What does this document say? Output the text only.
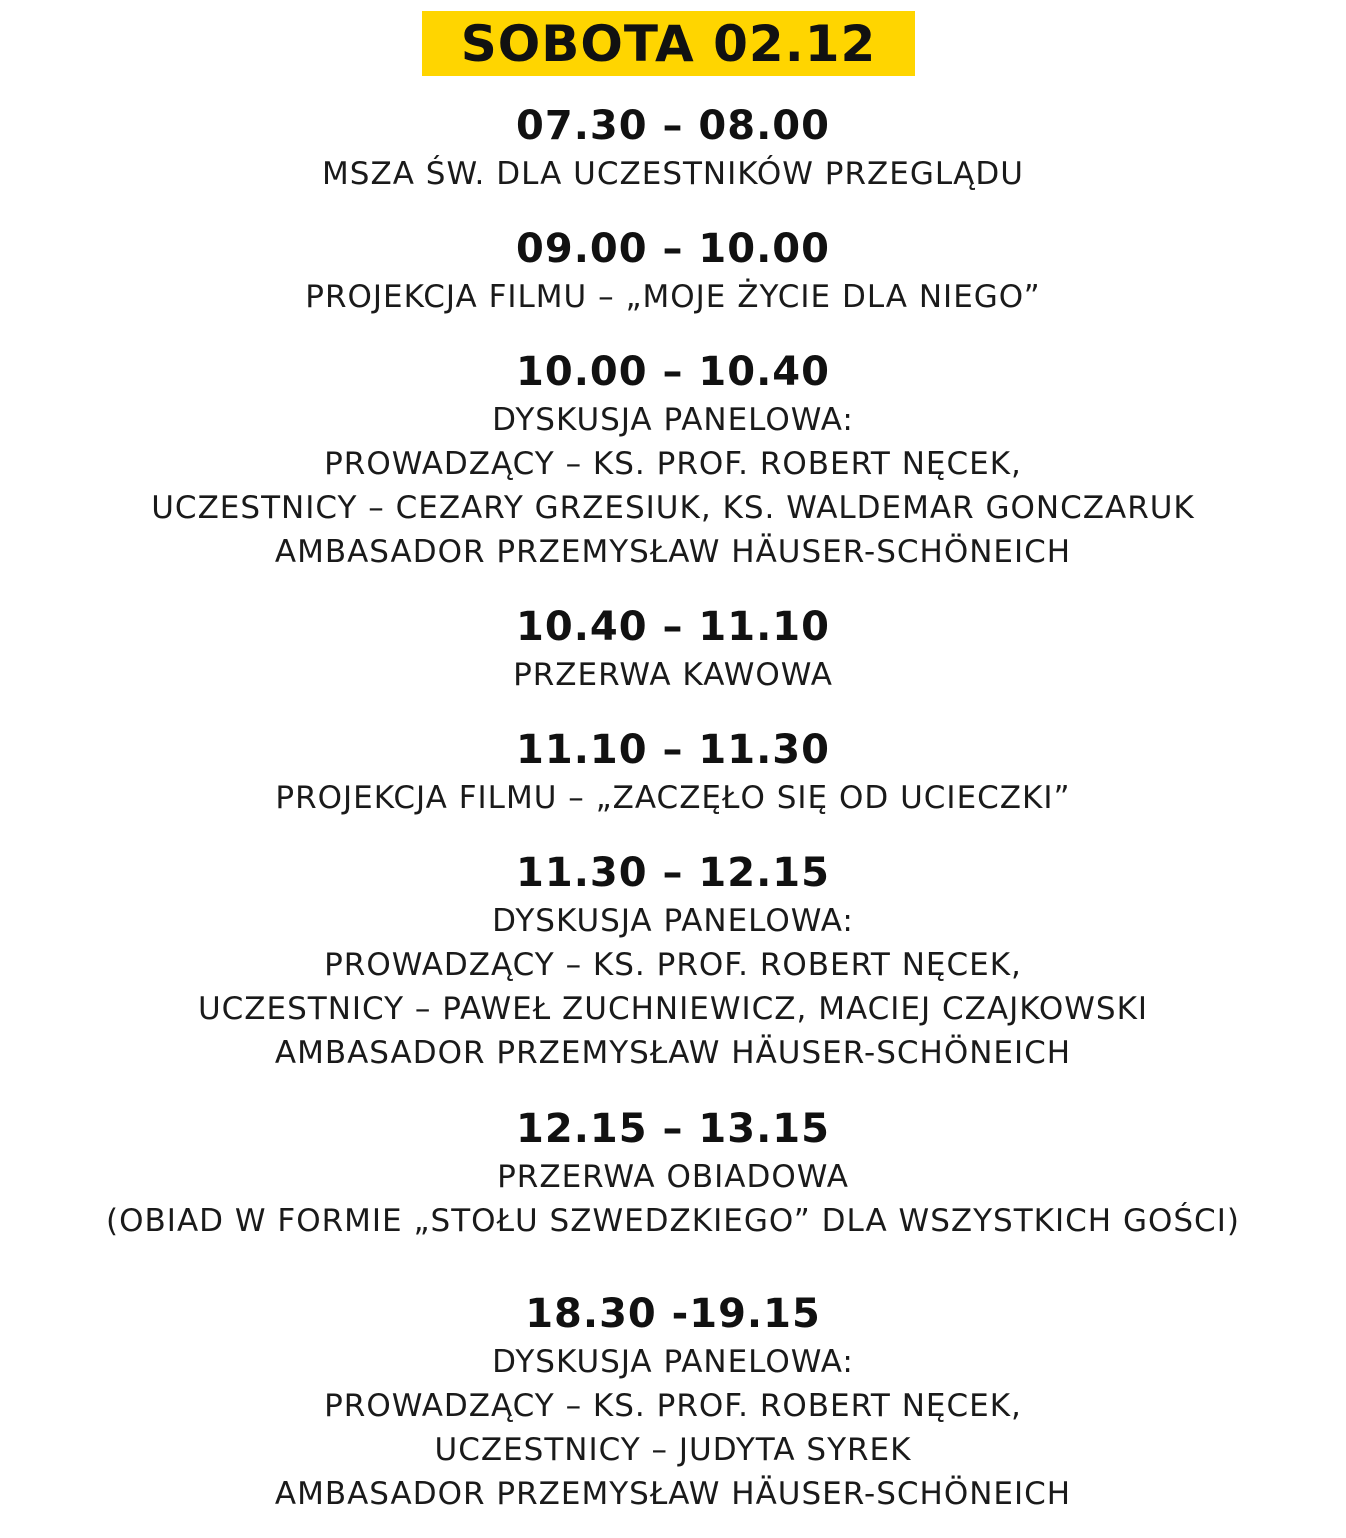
SOBOTA 02.12
07.30 – 08.00
MSZA ŚW. DLA UCZESTNIKÓW PRZEGLĄDU
09.00 – 10.00
PROJEKCJA FILMU – „MOJE ŻYCIE DLA NIEGO”
10.00 – 10.40
DYSKUSJA PANELOWA:
PROWADZĄCY – KS. PROF. ROBERT NĘCEK,
UCZESTNICY – CEZARY GRZESIUK, KS. WALDEMAR GONCZARUK
AMBASADOR PRZEMYSŁAW HÄUSER-SCHÖNEICH
10.40 – 11.10
PRZERWA KAWOWA
11.10 – 11.30
PROJEKCJA FILMU – „ZACZĘŁO SIĘ OD UCIECZKI”
11.30 – 12.15
DYSKUSJA PANELOWA:
PROWADZĄCY – KS. PROF. ROBERT NĘCEK,
UCZESTNICY – PAWEŁ ZUCHNIEWICZ, MACIEJ CZAJKOWSKI
AMBASADOR PRZEMYSŁAW HÄUSER-SCHÖNEICH
12.15 – 13.15
PRZERWA OBIADOWA
(OBIAD W FORMIE „STOŁU SZWEDZKIEGO” DLA WSZYSTKICH GOŚCI)
18.30 -19.15
DYSKUSJA PANELOWA:
PROWADZĄCY – KS. PROF. ROBERT NĘCEK,
UCZESTNICY – JUDYTA SYREK
AMBASADOR PRZEMYSŁAW HÄUSER-SCHÖNEICH
